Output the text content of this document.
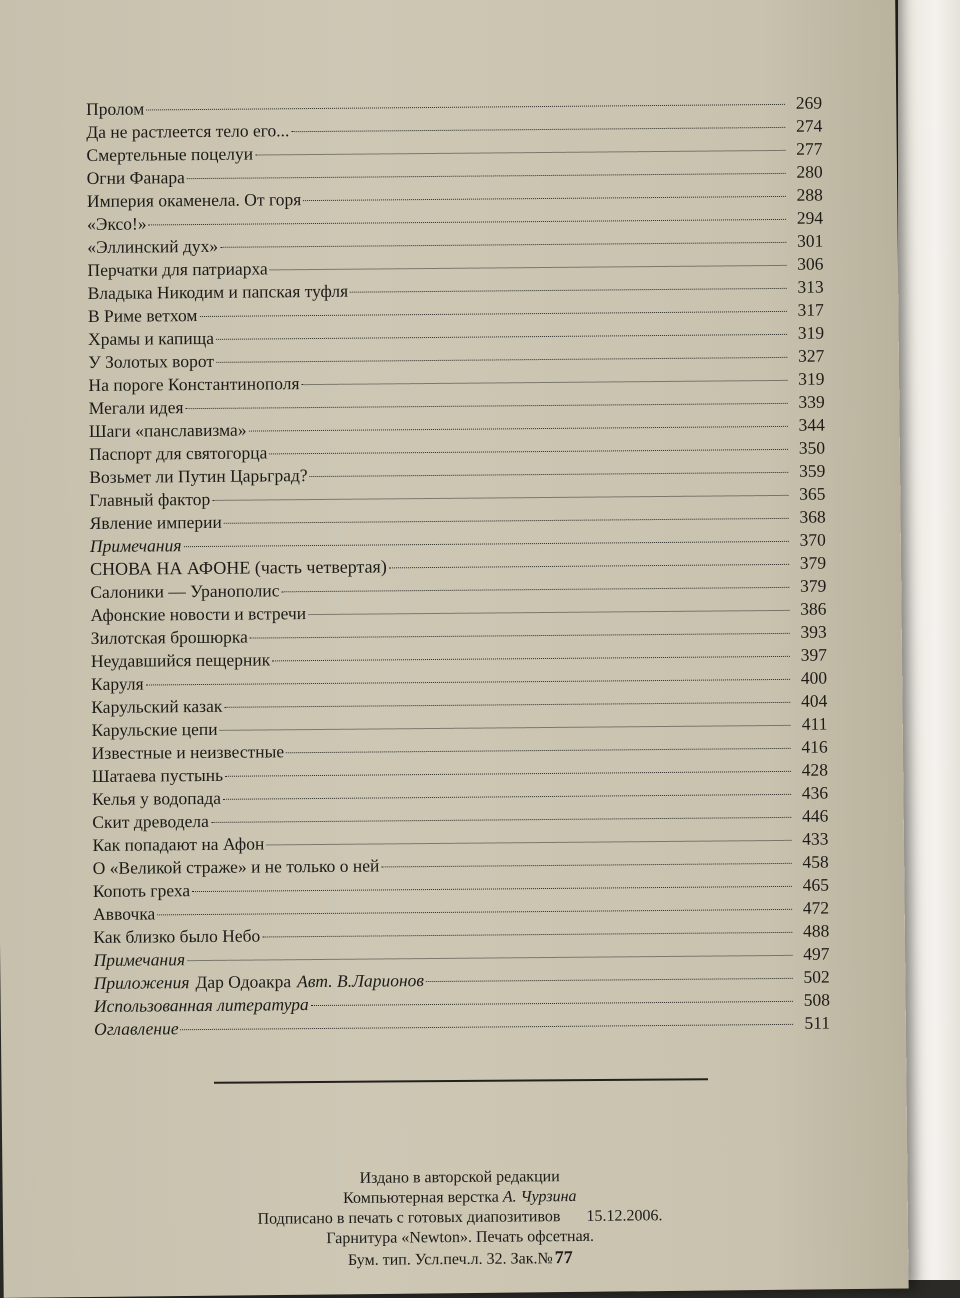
Пролом	269
Да не растлеется тело его...	274
Смертельные поцелуи	277
Огни Фанара	280
Империя окаменела. От горя	288
«Эксо!»	294
«Эллинский дух»	301
Перчатки для патриарха	306
Владыка Никодим и папская туфля	313
В Риме ветхом	317
Храмы и капища	319
У Золотых ворот	327
На пороге Константинополя	319
Мегали идея	339
Шаги «панславизма»	344
Паспорт для святогорца	350
Возьмет ли Путин Царьград?	359
Главный фактор	365
Явление империи	368
Примечания	370
СНОВА НА АФОНЕ (часть четвертая)	379
Салоники — Уранополис	379
Афонские новости и встречи	386
Зилотская брошюрка	393
Неудавшийся пещерник	397
Каруля	400
Карульский казак	404
Карульские цепи	411
Известные и неизвестные	416
Шатаева пустынь	428
Келья у водопада	436
Скит древодела	446
Как попадают на Афон	433
О «Великой страже» и не только о ней	458
Копоть греха	465
Аввочка	472
Как близко было Небо	488
Примечания	497
Приложения Дар Одоакра Авт. В.Ларионов	502
Использованная литература	508
Оглавление	511
Издано в авторской редакции
Компьютерная верстка А. Чурзина
Подписано в печать с готовых диапозитивов 15.12.2006.
Гарнитура «Newton». Печать офсетная.
Бум. тип. Усл.печ.л. 32. Зак.№ 77
